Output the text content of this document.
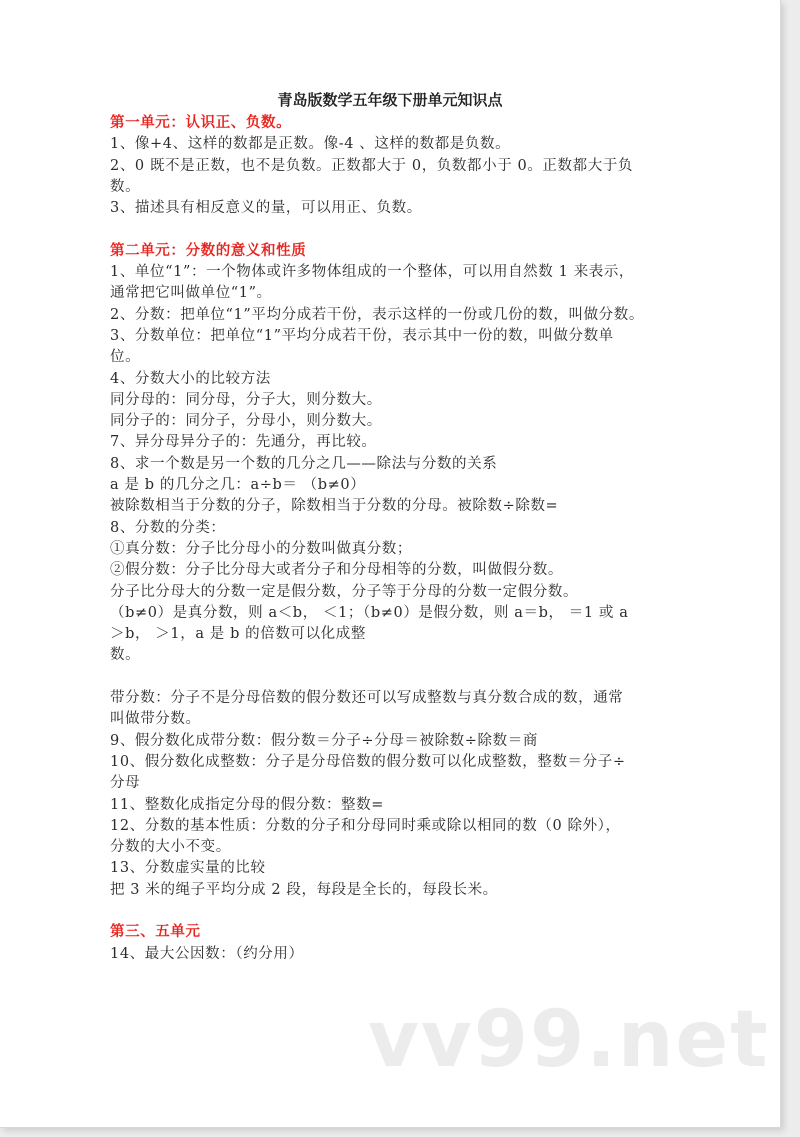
青岛版数学五年级下册单元知识点
第一单元：认识正、负数。
1、像+4、这样的数都是正数。像-4 、这样的数都是负数。
2、0 既不是正数，也不是负数。正数都大于 0，负数都小于 0。正数都大于负
数。
3、描述具有相反意义的量，可以用正、负数。
第二单元：分数的意义和性质
1、单位“1”：一个物体或许多物体组成的一个整体，可以用自然数 1 来表示，
通常把它叫做单位“1”。
2、分数：把单位“1”平均分成若干份，表示这样的一份或几份的数，叫做分数。
3、分数单位：把单位“1”平均分成若干份，表示其中一份的数，叫做分数单
位。
4、分数大小的比较方法
同分母的：同分母，分子大，则分数大。
同分子的：同分子，分母小，则分数大。
7、异分母异分子的：先通分，再比较。
8、求一个数是另一个数的几分之几——除法与分数的关系
a 是 b 的几分之几：a÷b＝ （b≠0）
被除数相当于分数的分子，除数相当于分数的分母。被除数÷除数=
8、分数的分类：
①真分数：分子比分母小的分数叫做真分数；
②假分数：分子比分母大或者分子和分母相等的分数，叫做假分数。
分子比分母大的分数一定是假分数，分子等于分母的分数一定假分数。
（b≠0）是真分数，则 a＜b， ＜1；（b≠0）是假分数，则 a＝b， ＝1 或 a
＞b， ＞1，a 是 b 的倍数可以化成整
数。
带分数：分子不是分母倍数的假分数还可以写成整数与真分数合成的数，通常
叫做带分数。
9、假分数化成带分数：假分数＝分子÷分母＝被除数÷除数＝商
10、假分数化成整数：分子是分母倍数的假分数可以化成整数，整数＝分子÷
分母
11、整数化成指定分母的假分数：整数=
12、分数的基本性质：分数的分子和分母同时乘或除以相同的数（0 除外），
分数的大小不变。
13、分数虚实量的比较
把 3 米的绳子平均分成 2 段，每段是全长的，每段长米。
第三、五单元
14、最大公因数：（约分用）
vv99.net
